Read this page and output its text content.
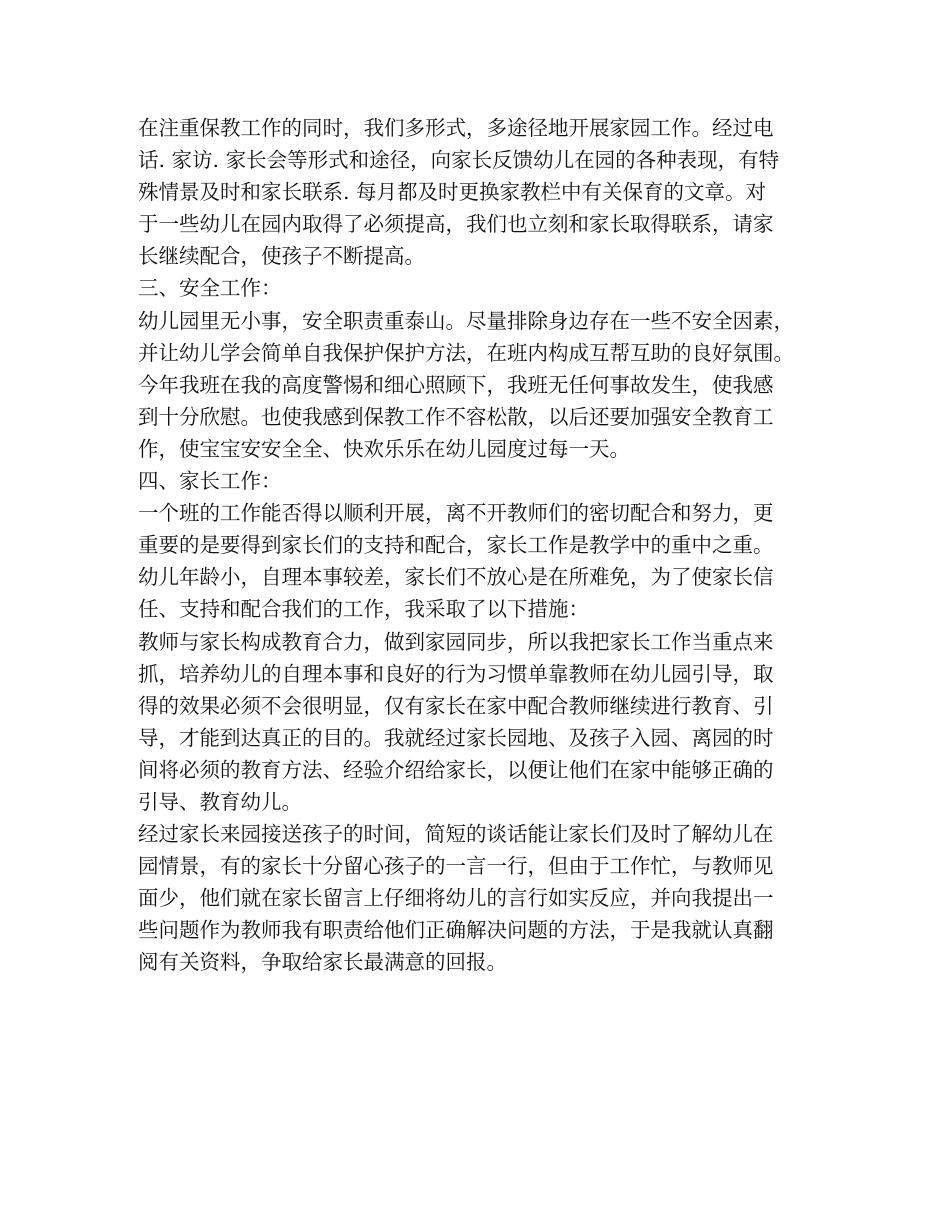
在注重保教工作的同时，我们多形式，多途径地开展家园工作。经过电
话. 家访. 家长会等形式和途径，向家长反馈幼儿在园的各种表现，有特
殊情景及时和家长联系. 每月都及时更换家教栏中有关保育的文章。对
于一些幼儿在园内取得了必须提高，我们也立刻和家长取得联系，请家
长继续配合，使孩子不断提高。
三、安全工作：
幼儿园里无小事，安全职责重泰山。尽量排除身边存在一些不安全因素，
并让幼儿学会简单自我保护保护方法，在班内构成互帮互助的良好氛围。
今年我班在我的高度警惕和细心照顾下，我班无任何事故发生，使我感
到十分欣慰。也使我感到保教工作不容松散，以后还要加强安全教育工
作，使宝宝安安全全、快欢乐乐在幼儿园度过每一天。
四、家长工作：
一个班的工作能否得以顺利开展，离不开教师们的密切配合和努力，更
重要的是要得到家长们的支持和配合，家长工作是教学中的重中之重。
幼儿年龄小，自理本事较差，家长们不放心是在所难免，为了使家长信
任、支持和配合我们的工作，我采取了以下措施：
教师与家长构成教育合力，做到家园同步，所以我把家长工作当重点来
抓，培养幼儿的自理本事和良好的行为习惯单靠教师在幼儿园引导，取
得的效果必须不会很明显，仅有家长在家中配合教师继续进行教育、引
导，才能到达真正的目的。我就经过家长园地、及孩子入园、离园的时
间将必须的教育方法、经验介绍给家长，以便让他们在家中能够正确的
引导、教育幼儿。
经过家长来园接送孩子的时间，简短的谈话能让家长们及时了解幼儿在
园情景，有的家长十分留心孩子的一言一行，但由于工作忙，与教师见
面少，他们就在家长留言上仔细将幼儿的言行如实反应，并向我提出一
些问题作为教师我有职责给他们正确解决问题的方法，于是我就认真翻
阅有关资料，争取给家长最满意的回报。
